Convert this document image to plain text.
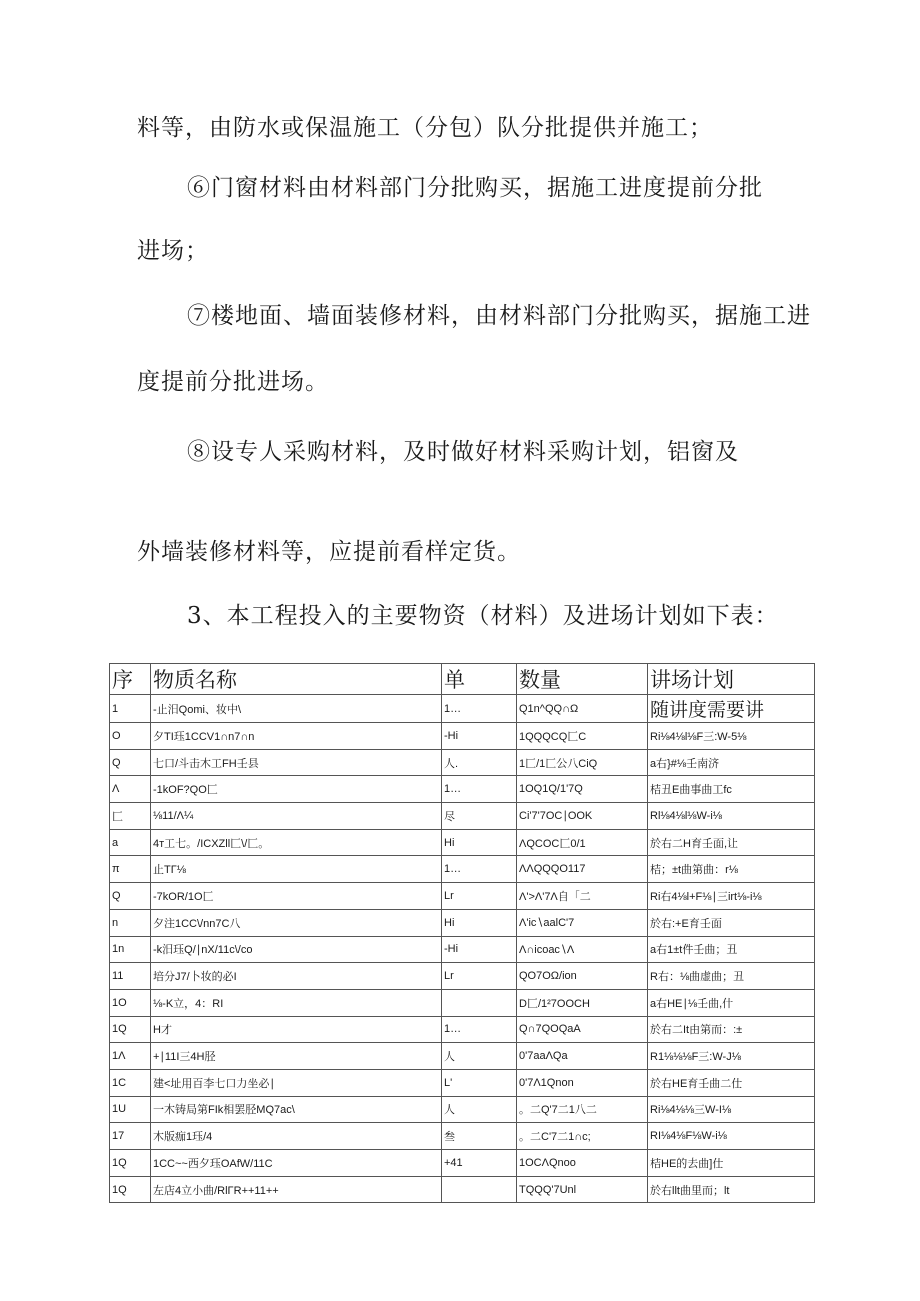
料等，由防水或保温施工（分包）队分批提供并施工；
⑥门窗材料由材料部门分批购买，据施工进度提前分批
进场；
⑦楼地面、墙面装修材料，由材料部门分批购买，据施工进
度提前分批进场。
⑧设专人采购材料，及时做好材料采购计划，铝窗及
外墙装修材料等，应提前看样定货。
3、本工程投入的主要物资（材料）及进场计划如下表：
序	物质名称	单	数量	讲场计划
1	-止汨Qomi、妆中\	1…	Q1n^QQ∩Ω	随讲度需要讲
O	夕TI珏1CCV1∩n7∩n	-Hi	1QQQCQ匚C	Ri⅛4⅛l⅛F三:W-5⅛
Q	七口/斗击木工FH壬县	人.	1匚/1匚公八CiQ	a右}#⅛壬南济
Λ	-1kOF?QO匚	1…	1OQ1Q/1'7Q	桔丑E曲事曲工fc
匚	⅛11/Λ¼	尽	Ci'7'7OC∣OOK	Rl⅛4⅛l⅛W-i⅛
a	4т工七。/ICXZll匚\/匚。	Hi	ΛQCOC匚0/1	於右二H育壬面,让
π	止TΓ⅛	1…	ΛΛQQQO117	桔；±t曲第曲：r⅛
Q	-7kOR/1O匚	Lr	Λ'>Λ'7Λ自「二	Ri右4⅛l+F⅛∣三irt⅛-i⅛
n	夕注1CC\/nn7C八	Hi	Λ'ic∖aalC'7	於右:+E育壬面
1n	-k汨珏Q/∣nX/11c\/co	-Hi	Λ∩icoac∖Λ	a右1±t件壬曲；丑
11	培分J7/卜妆的必I	Lr	QO7OΩ/ion	R右：⅛曲虚曲；丑
1O	⅛-K立，4：RI		D匚/1²7OOCH	a右HE∣⅛壬曲,什
1Q	H才	1…	Q∩7QOQaA	於右二It由第而：:±
1Λ	+∣11I三4H胫	人	0'7aaΛQa	R1⅛⅛⅛F三:W-J⅛
1C	建<址用百李七口力坐必∣	L'	0'7Λ1Qnon	於右HE育壬曲二仕
1U	一木铸局第FIk相罢胫MQ7ac\	人	。二Q'7二1八二	Ri⅛4⅛⅛三W-I⅛
17	木版痂1珏/4	叁	。二C'7二1∩c;	RI⅛4⅛F⅛W-i⅛
1Q	1CC~~西夕珏OAfW/11C	+41	1OCΛQnoo	桔HE的去曲]仕
1Q	左店4立小曲/RlΓR++11++		TQQQ'7Unl	於右llt曲里而；lt
